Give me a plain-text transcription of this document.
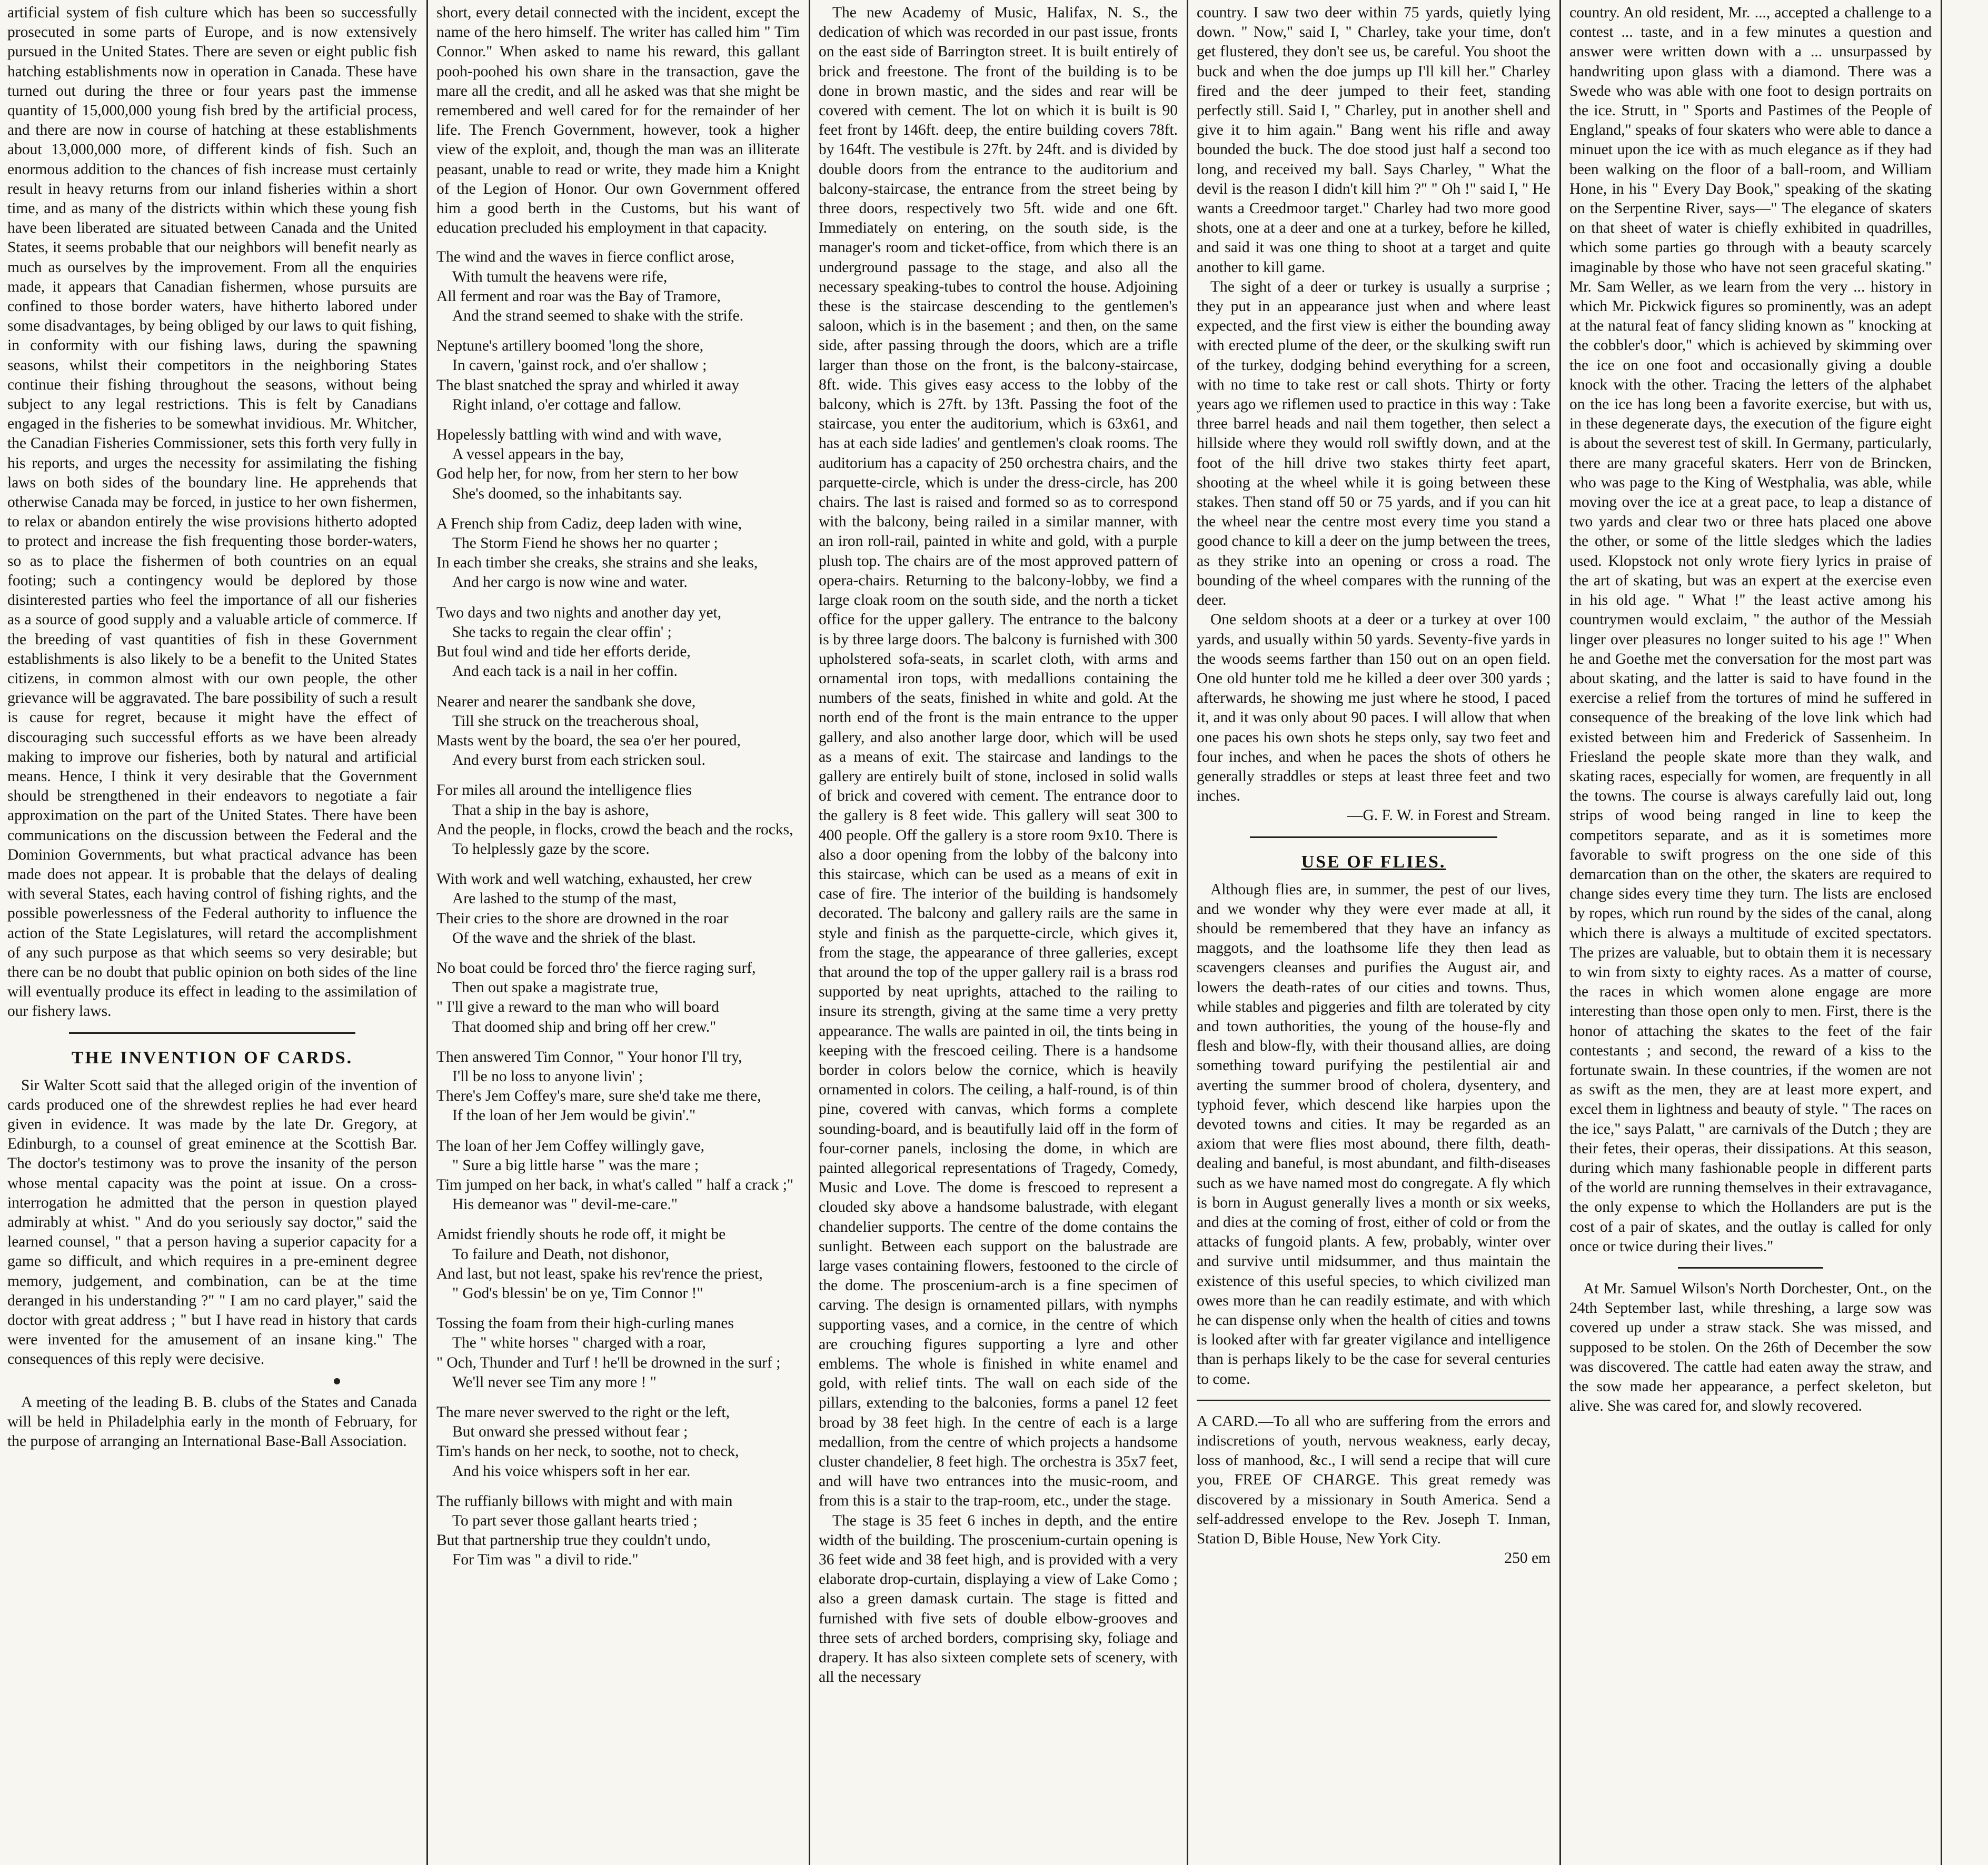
artificial system of fish culture which has been so successfully prosecuted in some parts of Europe, and is now extensively pursued in the United States. There are seven or eight public fish hatching establishments now in operation in Canada. These have turned out during the three or four years past the immense quantity of 15,000,000 young fish bred by the artificial process, and there are now in course of hatching at these establishments about 13,000,000 more, of different kinds of fish. Such an enormous addition to the chances of fish increase must certainly result in heavy returns from our inland fisheries within a short time, and as many of the districts within which these young fish have been liberated are situated between Canada and the United States, it seems probable that our neighbors will benefit nearly as much as ourselves by the improvement. From all the enquiries made, it appears that Canadian fishermen, whose pursuits are confined to those border waters, have hitherto labored under some disadvantages, by being obliged by our laws to quit fishing, in conformity with our fishing laws, during the spawning seasons, whilst their competitors in the neighboring States continue their fishing throughout the seasons, without being subject to any legal restrictions. This is felt by Canadians engaged in the fisheries to be somewhat invidious. Mr. Whitcher, the Canadian Fisheries Commissioner, sets this forth very fully in his reports, and urges the necessity for assimilating the fishing laws on both sides of the boundary line. He apprehends that otherwise Canada may be forced, in justice to her own fishermen, to relax or abandon entirely the wise provisions hitherto adopted to protect and increase the fish frequenting those border-waters, so as to place the fishermen of both countries on an equal footing; such a contingency would be deplored by those disinterested parties who feel the importance of all our fisheries as a source of good supply and a valuable article of commerce. If the breeding of vast quantities of fish in these Government establishments is also likely to be a benefit to the United States citizens, in common almost with our own people, the other grievance will be aggravated. The bare possibility of such a result is cause for regret, because it might have the effect of discouraging such successful efforts as we have been already making to improve our fisheries, both by natural and artificial means. Hence, I think it very desirable that the Government should be strengthened in their endeavors to negotiate a fair approximation on the part of the United States. There have been communications on the discussion between the Federal and the Dominion Governments, but what practical advance has been made does not appear. It is probable that the delays of dealing with several States, each having control of fishing rights, and the possible powerlessness of the Federal authority to influence the action of the State Legislatures, will retard the accomplishment of any such purpose as that which seems so very desirable; but there can be no doubt that public opinion on both sides of the line will eventually produce its effect in leading to the assimilation of our fishery laws.

THE INVENTION OF CARDS.

Sir Walter Scott said that the alleged origin of the invention of cards produced one of the shrewdest replies he had ever heard given in evidence. It was made by the late Dr. Gregory, at Edinburgh, to a counsel of great eminence at the Scottish Bar. The doctor's testimony was to prove the insanity of the person whose mental capacity was the point at issue. On a cross-interrogation he admitted that the person in question played admirably at whist. " And do you seriously say doctor," said the learned counsel, " that a person having a superior capacity for a game so difficult, and which requires in a pre-eminent degree memory, judgement, and combination, can be at the time deranged in his understanding ?" " I am no card player," said the doctor with great address ; " but I have read in history that cards were invented for the amusement of an insane king." The consequences of this reply were decisive.

A meeting of the leading B. B. clubs of the States and Canada will be held in Philadelphia early in the month of February, for the purpose of arranging an International Base-Ball Association.

short, every detail connected with the incident, except the name of the hero himself. The writer has called him " Tim Connor." When asked to name his reward, this gallant pooh-poohed his own share in the transaction, gave the mare all the credit, and all he asked was that she might be remembered and well cared for for the remainder of her life. The French Government, however, took a higher view of the exploit, and, though the man was an illiterate peasant, unable to read or write, they made him a Knight of the Legion of Honor. Our own Government offered him a good berth in the Customs, but his want of education precluded his employment in that capacity.

The wind and the waves in fierce conflict arose,
With tumult the heavens were rife,
All ferment and roar was the Bay of Tramore,
And the strand seemed to shake with the strife.
Neptune's artillery boomed 'long the shore,
In cavern, 'gainst rock, and o'er shallow ;
The blast snatched the spray and whirled it away
Right inland, o'er cottage and fallow.
Hopelessly battling with wind and with wave,
A vessel appears in the bay,
God help her, for now, from her stern to her bow
She's doomed, so the inhabitants say.
A French ship from Cadiz, deep laden with wine,
The Storm Fiend he shows her no quarter ;
In each timber she creaks, she strains and she leaks,
And her cargo is now wine and water.
Two days and two nights and another day yet,
She tacks to regain the clear offin' ;
But foul wind and tide her efforts deride,
And each tack is a nail in her coffin.
Nearer and nearer the sandbank she dove,
Till she struck on the treacherous shoal,
Masts went by the board, the sea o'er her poured,
And every burst from each stricken soul.
For miles all around the intelligence flies
That a ship in the bay is ashore,
And the people, in flocks, crowd the beach and the rocks,
To helplessly gaze by the score.
With work and well watching, exhausted, her crew
Are lashed to the stump of the mast,
Their cries to the shore are drowned in the roar
Of the wave and the shriek of the blast.
No boat could be forced thro' the fierce raging surf,
Then out spake a magistrate true,
" I'll give a reward to the man who will board
That doomed ship and bring off her crew."
Then answered Tim Connor, " Your honor I'll try,
I'll be no loss to anyone livin' ;
There's Jem Coffey's mare, sure she'd take me there,
If the loan of her Jem would be givin'."
The loan of her Jem Coffey willingly gave,
" Sure a big little harse " was the mare ;
Tim jumped on her back, in what's called " half a crack ;"
His demeanor was " devil-me-care."
Amidst friendly shouts he rode off, it might be
To failure and Death, not dishonor,
And last, but not least, spake his rev'rence the priest,
" God's blessin' be on ye, Tim Connor !"
Tossing the foam from their high-curling manes
The " white horses " charged with a roar,
" Och, Thunder and Turf ! he'll be drowned in the surf ;
We'll never see Tim any more ! "
The mare never swerved to the right or the left,
But onward she pressed without fear ;
Tim's hands on her neck, to soothe, not to check,
And his voice whispers soft in her ear.
The ruffianly billows with might and with main
To part sever those gallant hearts tried ;
But that partnership true they couldn't undo,
For Tim was " a divil to ride."

The new Academy of Music, Halifax, N. S., the dedication of which was recorded in our past issue, fronts on the east side of Barrington street. It is built entirely of brick and freestone. The front of the building is to be done in brown mastic, and the sides and rear will be covered with cement. The lot on which it is built is 90 feet front by 146ft. deep, the entire building covers 78ft. by 164ft. The vestibule is 27ft. by 24ft. and is divided by double doors from the entrance to the auditorium and balcony-staircase, the entrance from the street being by three doors, respectively two 5ft. wide and one 6ft. Immediately on entering, on the south side, is the manager's room and ticket-office, from which there is an underground passage to the stage, and also all the necessary speaking-tubes to control the house. Adjoining these is the staircase descending to the gentlemen's saloon, which is in the basement ; and then, on the same side, after passing through the doors, which are a trifle larger than those on the front, is the balcony-staircase, 8ft. wide. This gives easy access to the lobby of the balcony, which is 27ft. by 13ft. Passing the foot of the staircase, you enter the auditorium, which is 63x61, and has at each side ladies' and gentlemen's cloak rooms. The auditorium has a capacity of 250 orchestra chairs, and the parquette-circle, which is under the dress-circle, has 200 chairs. The last is raised and formed so as to correspond with the balcony, being railed in a similar manner, with an iron roll-rail, painted in white and gold, with a purple plush top. The chairs are of the most approved pattern of opera-chairs. Returning to the balcony-lobby, we find a large cloak room on the south side, and the north a ticket office for the upper gallery. The entrance to the balcony is by three large doors. The balcony is furnished with 300 upholstered sofa-seats, in scarlet cloth, with arms and ornamental iron tops, with medallions containing the numbers of the seats, finished in white and gold. At the north end of the front is the main entrance to the upper gallery, and also another large door, which will be used as a means of exit. The staircase and landings to the gallery are entirely built of stone, inclosed in solid walls of brick and covered with cement. The entrance door to the gallery is 8 feet wide. This gallery will seat 300 to 400 people. Off the gallery is a store room 9x10. There is also a door opening from the lobby of the balcony into this staircase, which can be used as a means of exit in case of fire. The interior of the building is handsomely decorated. The balcony and gallery rails are the same in style and finish as the parquette-circle, which gives it, from the stage, the appearance of three galleries, except that around the top of the upper gallery rail is a brass rod supported by neat uprights, attached to the railing to insure its strength, giving at the same time a very pretty appearance. The walls are painted in oil, the tints being in keeping with the frescoed ceiling. There is a handsome border in colors below the cornice, which is heavily ornamented in colors. The ceiling, a half-round, is of thin pine, covered with canvas, which forms a complete sounding-board, and is beautifully laid off in the form of four-corner panels, inclosing the dome, in which are painted allegorical representations of Tragedy, Comedy, Music and Love. The dome is frescoed to represent a clouded sky above a handsome balustrade, with elegant chandelier supports. The centre of the dome contains the sunlight. Between each support on the balustrade are large vases containing flowers, festooned to the circle of the dome. The proscenium-arch is a fine specimen of carving. The design is ornamented pillars, with nymphs supporting vases, and a cornice, in the centre of which are crouching figures supporting a lyre and other emblems. The whole is finished in white enamel and gold, with relief tints. The wall on each side of the pillars, extending to the balconies, forms a panel 12 feet broad by 38 feet high. In the centre of each is a large medallion, from the centre of which projects a handsome cluster chandelier, 8 feet high. The orchestra is 35x7 feet, and will have two entrances into the music-room, and from this is a stair to the trap-room, etc., under the stage.

The stage is 35 feet 6 inches in depth, and the entire width of the building. The proscenium-curtain opening is 36 feet wide and 38 feet high, and is provided with a very elaborate drop-curtain, displaying a view of Lake Como ; also a green damask curtain. The stage is fitted and furnished with five sets of double elbow-grooves and three sets of arched borders, comprising sky, foliage and drapery. It has also sixteen complete sets of scenery, with all the necessary

country. I saw two deer within 75 yards, quietly lying down. " Now," said I, " Charley, take your time, don't get flustered, they don't see us, be careful. You shoot the buck and when the doe jumps up I'll kill her." Charley fired and the deer jumped to their feet, standing perfectly still. Said I, " Charley, put in another shell and give it to him again." Bang went his rifle and away bounded the buck. The doe stood just half a second too long, and received my ball. Says Charley, " What the devil is the reason I didn't kill him ?" " Oh !" said I, " He wants a Creedmoor target." Charley had two more good shots, one at a deer and one at a turkey, before he killed, and said it was one thing to shoot at a target and quite another to kill game.

The sight of a deer or turkey is usually a surprise ; they put in an appearance just when and where least expected, and the first view is either the bounding away with erected plume of the deer, or the skulking swift run of the turkey, dodging behind everything for a screen, with no time to take rest or call shots. Thirty or forty years ago we riflemen used to practice in this way : Take three barrel heads and nail them together, then select a hillside where they would roll swiftly down, and at the foot of the hill drive two stakes thirty feet apart, shooting at the wheel while it is going between these stakes. Then stand off 50 or 75 yards, and if you can hit the wheel near the centre most every time you stand a good chance to kill a deer on the jump between the trees, as they strike into an opening or cross a road. The bounding of the wheel compares with the running of the deer.

One seldom shoots at a deer or a turkey at over 100 yards, and usually within 50 yards. Seventy-five yards in the woods seems farther than 150 out on an open field. One old hunter told me he killed a deer over 300 yards ; afterwards, he showing me just where he stood, I paced it, and it was only about 90 paces. I will allow that when one paces his own shots he steps only, say two feet and four inches, and when he paces the shots of others he generally straddles or steps at least three feet and two inches.

—G. F. W. in Forest and Stream.
USE OF FLIES.

Although flies are, in summer, the pest of our lives, and we wonder why they were ever made at all, it should be remembered that they have an infancy as maggots, and the loathsome life they then lead as scavengers cleanses and purifies the August air, and lowers the death-rates of our cities and towns. Thus, while stables and piggeries and filth are tolerated by city and town authorities, the young of the house-fly and flesh and blow-fly, with their thousand allies, are doing something toward purifying the pestilential air and averting the summer brood of cholera, dysentery, and typhoid fever, which descend like harpies upon the devoted towns and cities. It may be regarded as an axiom that were flies most abound, there filth, death-dealing and baneful, is most abundant, and filth-diseases such as we have named most do congregate. A fly which is born in August generally lives a month or six weeks, and dies at the coming of frost, either of cold or from the attacks of fungoid plants. A few, probably, winter over and survive until midsummer, and thus maintain the existence of this useful species, to which civilized man owes more than he can readily estimate, and with which he can dispense only when the health of cities and towns is looked after with far greater vigilance and intelligence than is perhaps likely to be the case for several centuries to come.

A CARD.—To all who are suffering from the errors and indiscretions of youth, nervous weakness, early decay, loss of manhood, &c., I will send a recipe that will cure you, FREE OF CHARGE. This great remedy was discovered by a missionary in South America. Send a self-addressed envelope to the Rev. Joseph T. Inman, Station D, Bible House, New York City.

250 em

country. An old resident, Mr. ..., accepted a challenge to a contest ... taste, and in a few minutes a question and answer were written down with a ... unsurpassed by handwriting upon glass with a diamond. There was a Swede who was able with one foot to design portraits on the ice. Strutt, in " Sports and Pastimes of the People of England," speaks of four skaters who were able to dance a minuet upon the ice with as much elegance as if they had been walking on the floor of a ball-room, and William Hone, in his " Every Day Book," speaking of the skating on the Serpentine River, says—" The elegance of skaters on that sheet of water is chiefly exhibited in quadrilles, which some parties go through with a beauty scarcely imaginable by those who have not seen graceful skating." Mr. Sam Weller, as we learn from the very ... history in which Mr. Pickwick figures so prominently, was an adept at the natural feat of fancy sliding known as " knocking at the cobbler's door," which is achieved by skimming over the ice on one foot and occasionally giving a double knock with the other. Tracing the letters of the alphabet on the ice has long been a favorite exercise, but with us, in these degenerate days, the execution of the figure eight is about the severest test of skill. In Germany, particularly, there are many graceful skaters. Herr von de Brincken, who was page to the King of Westphalia, was able, while moving over the ice at a great pace, to leap a distance of two yards and clear two or three hats placed one above the other, or some of the little sledges which the ladies used. Klopstock not only wrote fiery lyrics in praise of the art of skating, but was an expert at the exercise even in his old age. " What !" the least active among his countrymen would exclaim, " the author of the Messiah linger over pleasures no longer suited to his age !" When he and Goethe met the conversation for the most part was about skating, and the latter is said to have found in the exercise a relief from the tortures of mind he suffered in consequence of the breaking of the love link which had existed between him and Frederick of Sassenheim. In Friesland the people skate more than they walk, and skating races, especially for women, are frequently in all the towns. The course is always carefully laid out, long strips of wood being ranged in line to keep the competitors separate, and as it is sometimes more favorable to swift progress on the one side of this demarcation than on the other, the skaters are required to change sides every time they turn. The lists are enclosed by ropes, which run round by the sides of the canal, along which there is always a multitude of excited spectators. The prizes are valuable, but to obtain them it is necessary to win from sixty to eighty races. As a matter of course, the races in which women alone engage are more interesting than those open only to men. First, there is the honor of attaching the skates to the feet of the fair contestants ; and second, the reward of a kiss to the fortunate swain. In these countries, if the women are not as swift as the men, they are at least more expert, and excel them in lightness and beauty of style. " The races on the ice," says Palatt, " are carnivals of the Dutch ; they are their fetes, their operas, their dissipations. At this season, during which many fashionable people in different parts of the world are running themselves in their extravagance, the only expense to which the Hollanders are put is the cost of a pair of skates, and the outlay is called for only once or twice during their lives."

At Mr. Samuel Wilson's North Dorchester, Ont., on the 24th September last, while threshing, a large sow was covered up under a straw stack. She was missed, and supposed to be stolen. On the 26th of December the sow was discovered. The cattle had eaten away the straw, and the sow made her appearance, a perfect skeleton, but alive. She was cared for, and slowly recovered.
